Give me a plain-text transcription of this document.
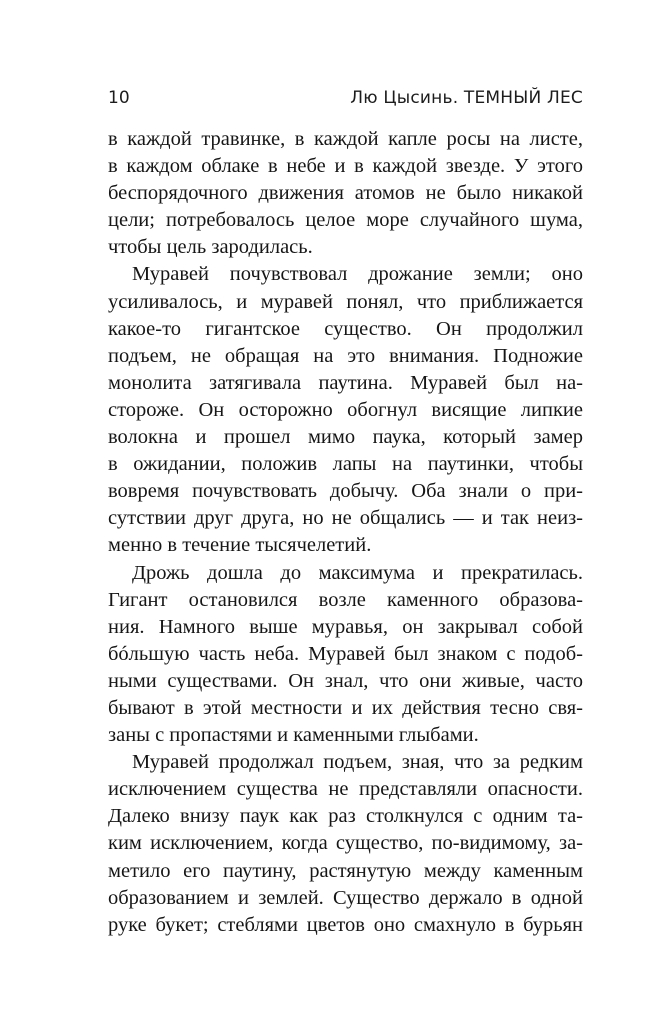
10	Лю Цысинь. ТЕМНЫЙ ЛЕС
в каждой травинке, в каждой капле росы на листе,
в каждом облаке в небе и в каждой звезде. У этого
беспорядочного движения атомов не было никакой
цели; потребовалось целое море случайного шума,
чтобы цель зародилась.
Муравей почувствовал дрожание земли; оно
усиливалось, и муравей понял, что приближается
какое-то гигантское существо. Он продолжил
подъем, не обращая на это внимания. Подножие
монолита затягивала паутина. Муравей был на-
стороже. Он осторожно обогнул висящие липкие
волокна и прошел мимо паука, который замер
в ожидании, положив лапы на паутинки, чтобы
вовремя почувствовать добычу. Оба знали о при-
сутствии друг друга, но не общались — и так неиз-
менно в течение тысячелетий.
Дрожь дошла до максимума и прекратилась.
Гигант остановился возле каменного образова-
ния. Намного выше муравья, он закрывал собой
бóльшую часть неба. Муравей был знаком с подоб-
ными существами. Он знал, что они живые, часто
бывают в этой местности и их действия тесно свя-
заны с пропастями и каменными глыбами.
Муравей продолжал подъем, зная, что за редким
исключением существа не представляли опасности.
Далеко внизу паук как раз столкнулся с одним та-
ким исключением, когда существо, по-видимому, за-
метило его паутину, растянутую между каменным
образованием и землей. Существо держало в одной
руке букет; стеблями цветов оно смахнуло в бурьян
